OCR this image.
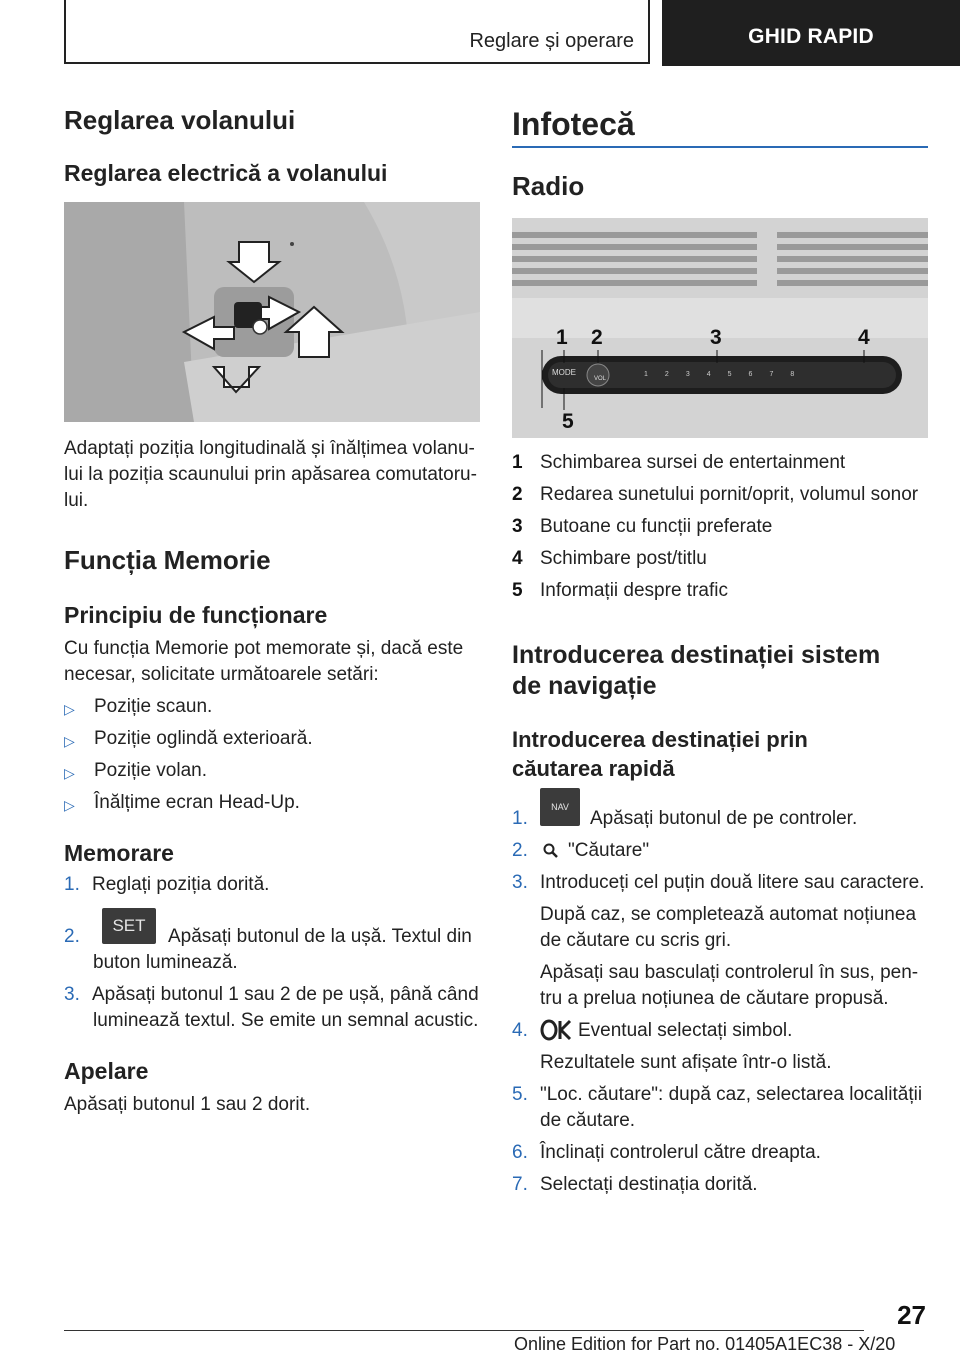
Reglare și operare	GHID RAPID
Reglarea volanului
Reglarea electrică a volanului
Adaptați poziția longitudinală și înălțimea volanu-
lui la poziția scaunului prin apăsarea comutatoru-
lui.
Funcția Memorie
Principiu de funcționare
Cu funcția Memorie pot memorate și, dacă este
necesar, solicitate următoarele setări:
▷	Poziție scaun.
▷	Poziție oglindă exterioară.
▷	Poziție volan.
▷	Înălțime ecran Head-Up.
Memorare
1. Reglați poziția dorită.
2.
SET
Apăsați butonul de la ușă. Textul din
buton luminează.
3. Apăsați butonul 1 sau 2 de pe ușă, până când
luminează textul. Se emite un semnal acustic.
Apelare
Apăsați butonul 1 sau 2 dorit.
Infotecă
Radio
MODE
VOL
1 2 3 4 5 6 7 8
1 2	3	4
5
1 Schimbarea sursei de entertainment
2 Redarea sunetului pornit/oprit, volumul sonor
3 Butoane cu funcții preferate
4 Schimbare post/titlu
5 Informații despre trafic
Introducerea destinației sistem
de navigație
Introducerea destinației prin
căutarea rapidă
1.
NAV
Apăsați butonul de pe controler.
2.	"Căutare"
3. Introduceți cel puțin două litere sau caractere.
După caz, se completează automat noțiunea
de căutare cu scris gri.
Apăsați sau basculați controlerul în sus, pen-
tru a prelua noțiunea de căutare propusă.
4.	Eventual selectați simbol.
Rezultatele sunt afișate într-o listă.
5. "Loc. căutare": după caz, selectarea localității
de căutare.
6. Înclinați controlerul către dreapta.
7. Selectați destinația dorită.
27
Online Edition for Part no. 01405A1EC38 - X/20
